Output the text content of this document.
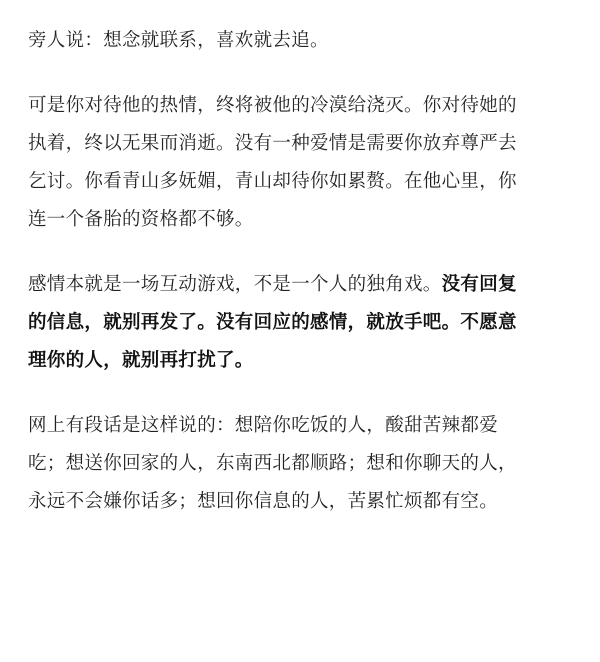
旁人说：想念就联系，喜欢就去追。

可是你对待他的热情，终将被他的冷漠给浇灭。你对待她的
执着，终以无果而消逝。没有一种爱情是需要你放弃尊严去
乞讨。你看青山多妩媚，青山却待你如累赘。在他心里，你
连一个备胎的资格都不够。

感情本就是一场互动游戏，不是一个人的独角戏。没有回复
的信息，就别再发了。没有回应的感情，就放手吧。不愿意
理你的人，就别再打扰了。

网上有段话是这样说的：想陪你吃饭的人，酸甜苦辣都爱
吃；想送你回家的人，东南西北都顺路；想和你聊天的人，
永远不会嫌你话多；想回你信息的人，苦累忙烦都有空。
